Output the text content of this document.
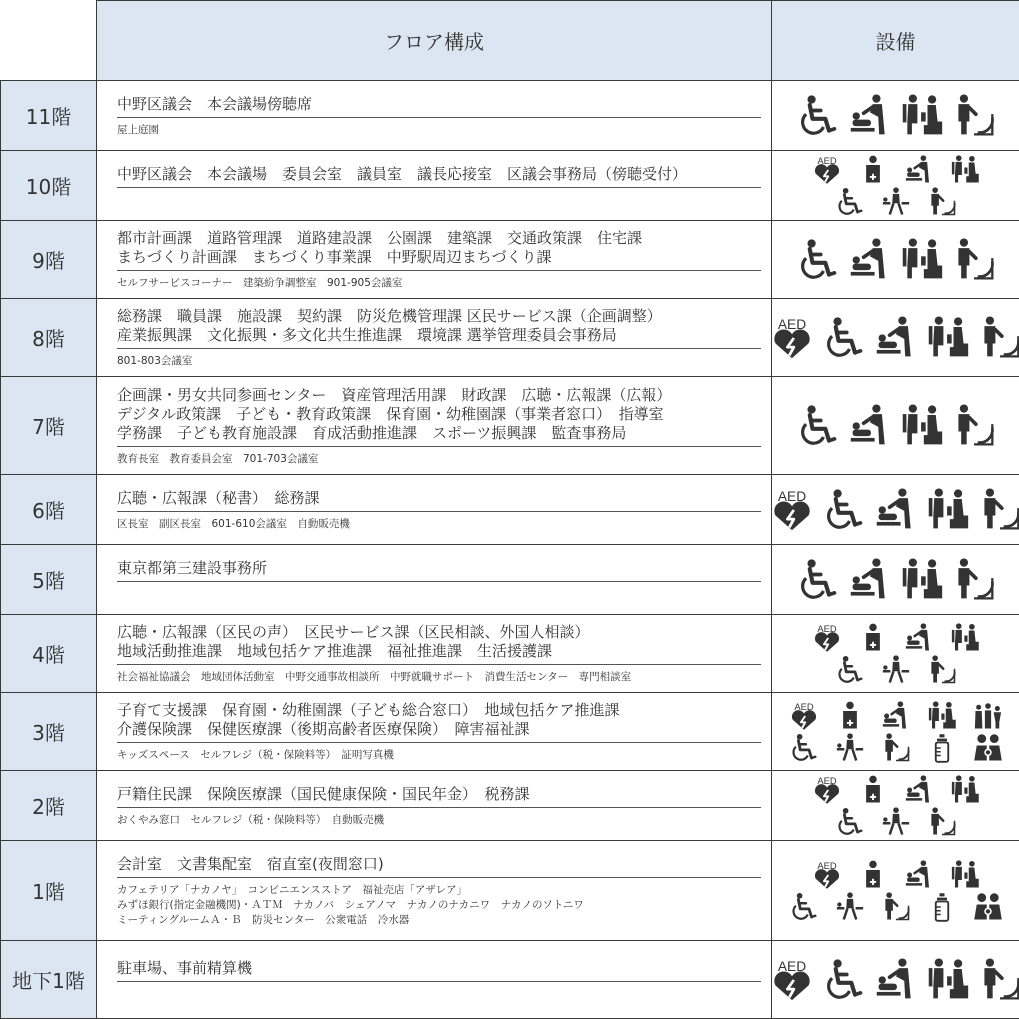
	フロア構成	設備
11階	中野区議会　本会議場傍聴席
屋上庭園

10階	中野区議会　本会議場　委員会室　議員室　議長応接室　区議会事務局（傍聴受付）	AED

9階	都市計画課　道路管理課　道路建設課　公園課　建築課　交通政策課　住宅課
まちづくり計画課　まちづくり事業課　中野駅周辺まちづくり課
セルフサービスコーナー　建築紛争調整室　901-905会議室

8階	総務課　職員課　施設課　契約課　防災危機管理課 区民サービス課（企画調整）
産業振興課　文化振興・多文化共生推進課　環境課 選挙管理委員会事務局
801-803会議室	AED

7階	企画課・男女共同参画センター　資産管理活用課　財政課　広聴・広報課（広報）
デジタル政策課　子ども・教育政策課　保育園・幼稚園課（事業者窓口）　指導室
学務課　子ども教育施設課　育成活動推進課　スポーツ振興課　監査事務局
教育長室　教育委員会室　701-703会議室

6階	広聴・広報課（秘書）　総務課
区長室　副区長室　601-610会議室　自動販売機	AED

5階	東京都第三建設事務所

4階	広聴・広報課（区民の声）　区民サービス課（区民相談、外国人相談）
地域活動推進課　地域包括ケア推進課　福祉推進課　生活援護課
社会福祉協議会　地域団体活動室　中野交通事故相談所　中野就職サポート　消費生活センター　専門相談室	AED

3階	子育て支援課　保育園・幼稚園課（子ども総合窓口）　地域包括ケア推進課
介護保険課　保健医療課（後期高齢者医療保険）　障害福祉課
キッズスペース　セルフレジ（税・保険料等）　証明写真機	AED

2階	戸籍住民課　保険医療課（国民健康保険・国民年金）　税務課
おくやみ窓口　セルフレジ（税・保険料等）　自動販売機	AED

1階	会計室　文書集配室　宿直室(夜間窓口)
カフェテリア「ナカノヤ」　コンビニエンスストア　福祉売店「アザレア」
みずほ銀行(指定金融機関)・ＡＴＭ　ナカノバ　シェアノマ　ナカノのナカニワ　ナカノのソトニワ
ミーティングルームＡ・Ｂ　防災センター　公衆電話　冷水器	AED

地下1階	駐車場、事前精算機	AED
